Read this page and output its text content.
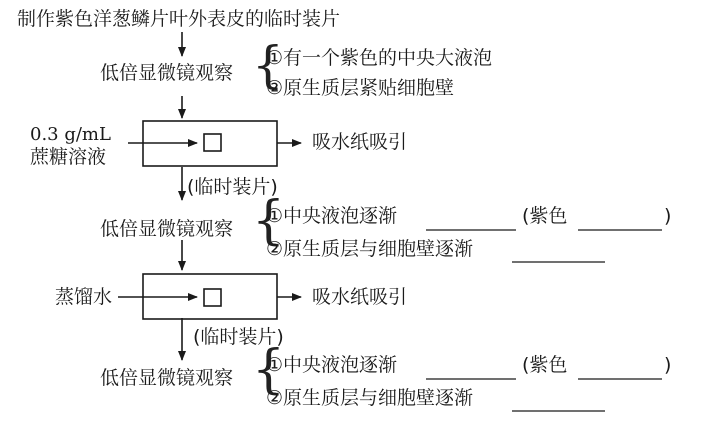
制作紫色洋葱鳞片叶外表皮的临时装片
低倍显微镜观察 {
①有一个紫色的中央大液泡
②原生质层紧贴细胞壁
0.3 g/mL
蔗糖溶液
吸水纸吸引
(临时装片)
低倍显微镜观察 {
①中央液泡逐渐	(紫色	)
②原生质层与细胞壁逐渐
蒸馏水	吸水纸吸引
(临时装片)
低倍显微镜观察 {
①中央液泡逐渐	(紫色	)
②原生质层与细胞壁逐渐
